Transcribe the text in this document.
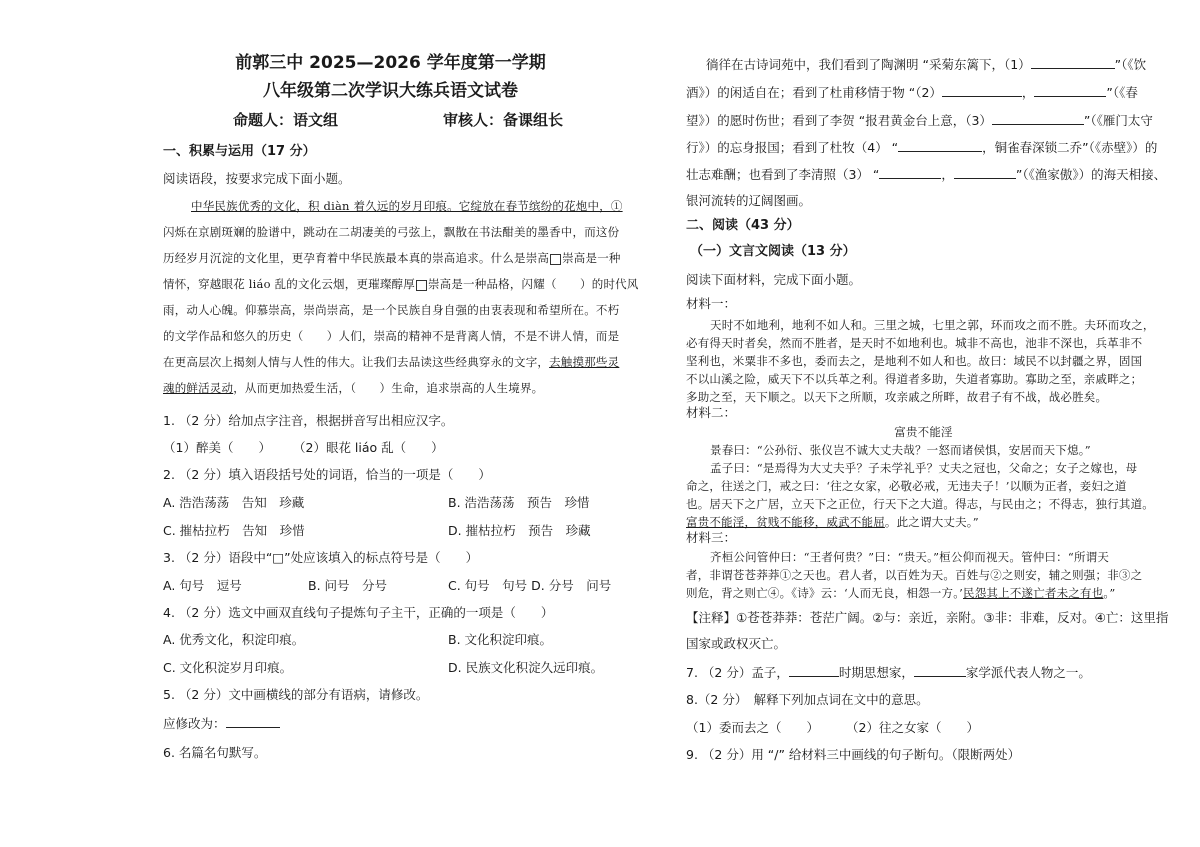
前郭三中 2025—2026 学年度第一学期
八年级第二次学识大练兵语文试卷
命题人：语文组	审核人：备课组长
一、积累与运用（17 分）
阅读语段，按要求完成下面小题。
中华民族优秀的文化，积 diàn 着久远的岁月印痕。它绽放在春节缤纷的花炮中，①
闪烁在京剧斑斓的脸谱中，跳动在二胡凄美的弓弦上，飘散在书法酣美的墨香中，而这份
历经岁月沉淀的文化里，更孕育着中华民族最本真的崇高追求。什么是崇高 崇高是一种
情怀，穿越眼花 liáo 乱的文化云烟，更璀璨醇厚 崇高是一种品格，闪耀（　　）的时代风
雨，动人心魄。仰慕崇高，崇尚崇高，是一个民族自身自强的由衷表现和希望所在。不朽
的文学作品和悠久的历史（　　）人们，崇高的精神不是背离人情，不是不讲人情，而是
在更高层次上揭刻人情与人性的伟大。让我们去品读这些经典穿永的文字，去触摸那些灵
魂的鲜活灵动，从而更加热爱生活，（　　）生命，追求崇高的人生境界。
1. （2 分）给加点字注音，根据拼音写出相应汉字。
（1）醉美（　　） （2）眼花 liáo 乱（　　）
2. （2 分）填入语段括号处的词语，恰当的一项是（　　）
A. 浩浩荡荡　告知　珍藏	B. 浩浩荡荡　预告　珍惜
C. 摧枯拉朽　告知　珍惜	D. 摧枯拉朽　预告　珍藏
3. （2 分）语段中“□”处应该填入的标点符号是（　　）
A. 句号　逗号	B. 问号　分号	C. 句号　句号 D. 分号　问号
4. （2 分）选文中画双直线句子提炼句子主干，正确的一项是（　　）
A. 优秀文化，积淀印痕。	B. 文化积淀印痕。
C. 文化积淀岁月印痕。	D. 民族文化积淀久远印痕。
5. （2 分）文中画横线的部分有语病，请修改。
应修改为：
6. 名篇名句默写。
徜徉在古诗词苑中，我们看到了陶渊明 “采菊东篱下，（1）	”（《饮
酒》）的闲适自在；看到了杜甫移情于物 “（2）	，	”（《春
望》）的愿时伤世；看到了李贺 “报君黄金台上意，（3）	”（《雁门太守
行》）的忘身报国；看到了杜牧（4） “	，铜雀春深锁二乔”（《赤壁》）的
壮志难酬；也看到了李清照（3） “	，	”（《渔家傲》）的海天相接、
银河流转的辽阔图画。
二、阅读（43 分）
（一）文言文阅读（13 分）
阅读下面材料，完成下面小题。
材料一：
天时不如地利，地利不如人和。三里之城，七里之郭，环而攻之而不胜。夫环而攻之，
必有得天时者矣，然而不胜者，是天时不如地利也。城非不高也，池非不深也，兵革非不
坚利也，米粟非不多也，委而去之，是地利不如人和也。故曰：域民不以封疆之界，固国
不以山溪之险，威天下不以兵革之利。得道者多助，失道者寡助。寡助之至，亲戚畔之；
多助之至，天下顺之。以天下之所顺，攻亲戚之所畔，故君子有不战，战必胜矣。
材料二：
富贵不能淫
景春曰：“公孙衍、张仪岂不诚大丈夫哉？一怒而诸侯惧，安居而天下熄。”
孟子曰：“是焉得为大丈夫乎？子未学礼乎？丈夫之冠也，父命之；女子之嫁也，母
命之，往送之门，戒之曰：‘往之女家，必敬必戒，无违夫子！’以顺为正者，妾妇之道
也。居天下之广居，立天下之正位，行天下之大道。得志，与民由之；不得志，独行其道。
富贵不能淫，贫贱不能移，威武不能屈。此之谓大丈夫。”
材料三：
齐桓公问管仲曰：“王者何贵？”曰：“贵天。”桓公仰而视天。管仲曰：“所谓天
者，非谓苍苍莽莽①之天也。君人者，以百姓为天。百姓与②之则安，辅之则强；非③之
则危，背之则亡④。《诗》云：‘人而无良，相怨一方。’民怨其上不遂亡者未之有也。”
【注释】①苍苍莽莽：苍茫广阔。②与：亲近，亲附。③非：非难，反对。④亡：这里指
国家或政权灭亡。
7. （2 分）孟子，	时期思想家，	家学派代表人物之一。
8.（2 分）　解释下列加点词在文中的意思。
（1）委而去之（　　） （2）往之女家（　　）
9. （2 分）用 “/” 给材料三中画线的句子断句。（限断两处）
